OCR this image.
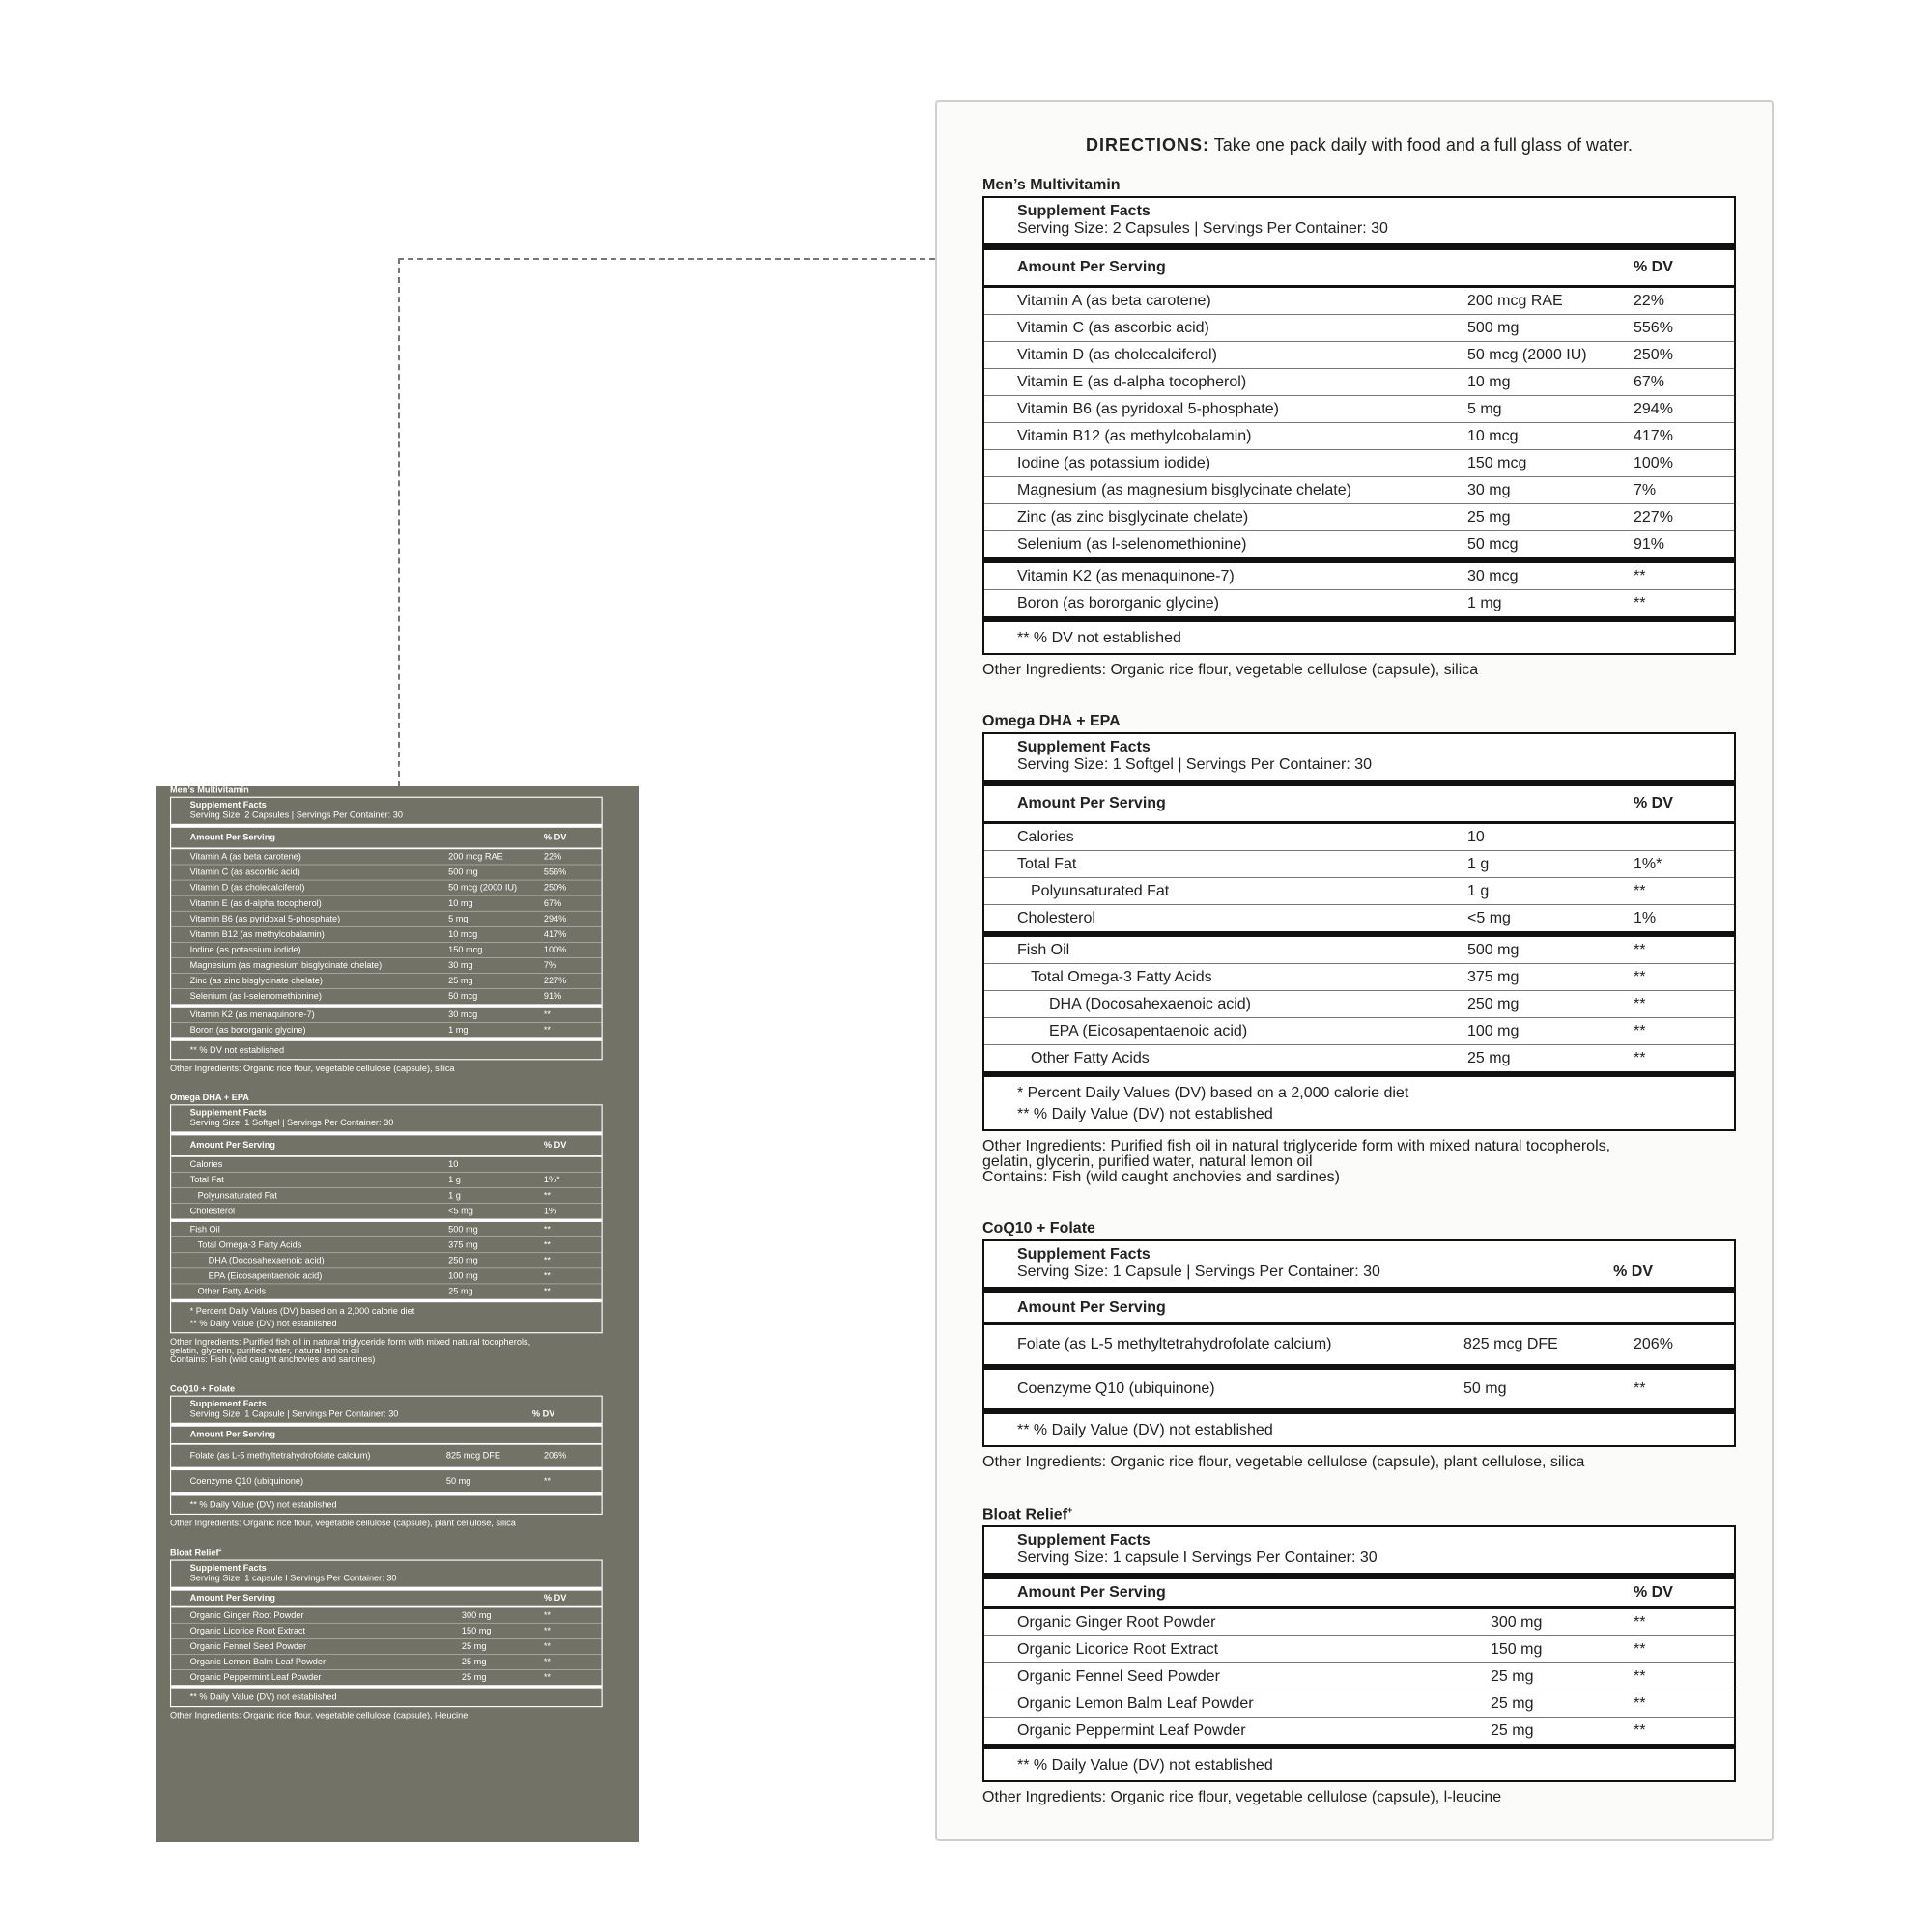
DIRECTIONS: Take one pack daily with food and a full glass of water.

Men’s Multivitamin

Supplement Facts
Serving Size: 2 Capsules | Servings Per Container: 30
Amount Per Serving	% DV
Vitamin A (as beta carotene)	200 mcg RAE	22%
Vitamin C (as ascorbic acid)	500 mg	556%
Vitamin D (as cholecalciferol)	50 mcg (2000 IU)	250%
Vitamin E (as d-alpha tocopherol)	10 mg	67%
Vitamin B6 (as pyridoxal 5-phosphate)	5 mg	294%
Vitamin B12 (as methylcobalamin)	10 mcg	417%
Iodine (as potassium iodide)	150 mcg	100%
Magnesium (as magnesium bisglycinate chelate)	30 mg	7%
Zinc (as zinc bisglycinate chelate)	25 mg	227%
Selenium (as l-selenomethionine)	50 mcg	91%
Vitamin K2 (as menaquinone-7)	30 mcg	**
Boron (as bororganic glycine)	1 mg	**
** % DV not established

Other Ingredients: Organic rice flour, vegetable cellulose (capsule), silica

Omega DHA + EPA

Supplement Facts
Serving Size: 1 Softgel | Servings Per Container: 30
Amount Per Serving	% DV
Calories	10
Total Fat	1 g	1%*
Polyunsaturated Fat	1 g	**
Cholesterol	<5 mg	1%
Fish Oil	500 mg	**
Total Omega-3 Fatty Acids	375 mg	**
DHA (Docosahexaenoic acid)	250 mg	**
EPA (Eicosapentaenoic acid)	100 mg	**
Other Fatty Acids	25 mg	**
* Percent Daily Values (DV) based on a 2,000 calorie diet
** % Daily Value (DV) not established

Other Ingredients: Purified fish oil in natural triglyceride form with mixed natural tocopherols,
gelatin, glycerin, purified water, natural lemon oil
Contains: Fish (wild caught anchovies and sardines)

CoQ10 + Folate

Supplement Facts
Serving Size: 1 Capsule | Servings Per Container: 30	% DV
Amount Per Serving
Folate (as L-5 methyltetrahydrofolate calcium)	825 mcg DFE	206%
Coenzyme Q10 (ubiquinone)	50 mg	**
** % Daily Value (DV) not established

Other Ingredients: Organic rice flour, vegetable cellulose (capsule), plant cellulose, silica

Bloat Relief+

Supplement Facts
Serving Size: 1 capsule I Servings Per Container: 30
Amount Per Serving	% DV
Organic Ginger Root Powder	300 mg	**
Organic Licorice Root Extract	150 mg	**
Organic Fennel Seed Powder	25 mg	**
Organic Lemon Balm Leaf Powder	25 mg	**
Organic Peppermint Leaf Powder	25 mg	**
** % Daily Value (DV) not established

Other Ingredients: Organic rice flour, vegetable cellulose (capsule), l-leucine

DIRECTIONS: Take one pack daily with food and a full glass of water.

Men’s Multivitamin

Supplement Facts
Serving Size: 2 Capsules | Servings Per Container: 30
Amount Per Serving	% DV
Vitamin A (as beta carotene)	200 mcg RAE	22%
Vitamin C (as ascorbic acid)	500 mg	556%
Vitamin D (as cholecalciferol)	50 mcg (2000 IU)	250%
Vitamin E (as d-alpha tocopherol)	10 mg	67%
Vitamin B6 (as pyridoxal 5-phosphate)	5 mg	294%
Vitamin B12 (as methylcobalamin)	10 mcg	417%
Iodine (as potassium iodide)	150 mcg	100%
Magnesium (as magnesium bisglycinate chelate)	30 mg	7%
Zinc (as zinc bisglycinate chelate)	25 mg	227%
Selenium (as l-selenomethionine)	50 mcg	91%
Vitamin K2 (as menaquinone-7)	30 mcg	**
Boron (as bororganic glycine)	1 mg	**
** % DV not established

Other Ingredients: Organic rice flour, vegetable cellulose (capsule), silica

Omega DHA + EPA

Supplement Facts
Serving Size: 1 Softgel | Servings Per Container: 30
Amount Per Serving	% DV
Calories	10
Total Fat	1 g	1%*
Polyunsaturated Fat	1 g	**
Cholesterol	<5 mg	1%
Fish Oil	500 mg	**
Total Omega-3 Fatty Acids	375 mg	**
DHA (Docosahexaenoic acid)	250 mg	**
EPA (Eicosapentaenoic acid)	100 mg	**
Other Fatty Acids	25 mg	**
* Percent Daily Values (DV) based on a 2,000 calorie diet
** % Daily Value (DV) not established

Other Ingredients: Purified fish oil in natural triglyceride form with mixed natural tocopherols,
gelatin, glycerin, purified water, natural lemon oil
Contains: Fish (wild caught anchovies and sardines)

CoQ10 + Folate

Supplement Facts
Serving Size: 1 Capsule | Servings Per Container: 30	% DV
Amount Per Serving
Folate (as L-5 methyltetrahydrofolate calcium)	825 mcg DFE	206%
Coenzyme Q10 (ubiquinone)	50 mg	**
** % Daily Value (DV) not established

Other Ingredients: Organic rice flour, vegetable cellulose (capsule), plant cellulose, silica

Bloat Relief+

Supplement Facts
Serving Size: 1 capsule I Servings Per Container: 30
Amount Per Serving	% DV
Organic Ginger Root Powder	300 mg	**
Organic Licorice Root Extract	150 mg	**
Organic Fennel Seed Powder	25 mg	**
Organic Lemon Balm Leaf Powder	25 mg	**
Organic Peppermint Leaf Powder	25 mg	**
** % Daily Value (DV) not established

Other Ingredients: Organic rice flour, vegetable cellulose (capsule), l-leucine
